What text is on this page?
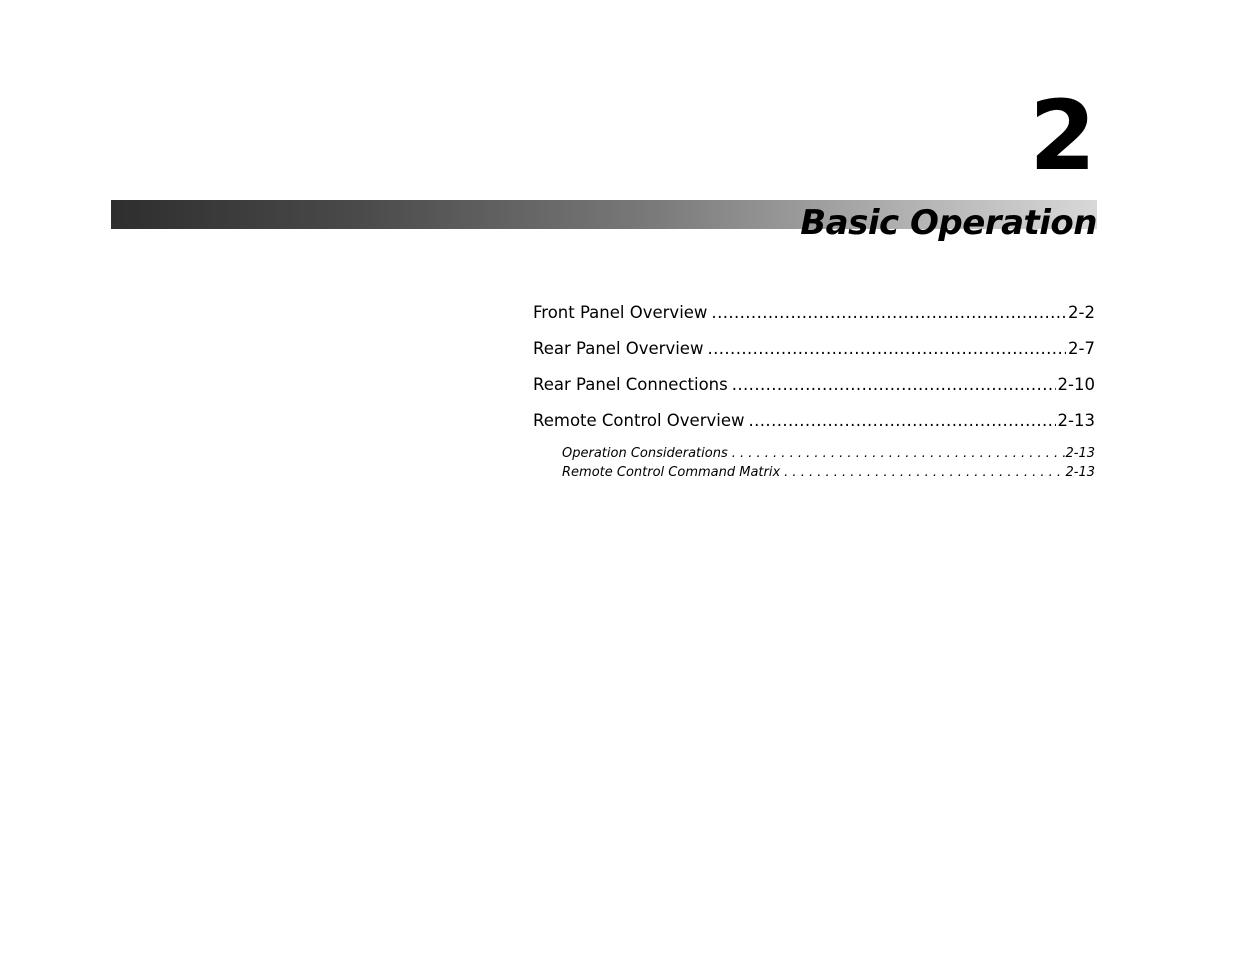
2
Basic Operation
Front Panel Overview .....	2-2
Rear Panel Overview .....	2-7
Rear Panel Connections .....	2-10
Remote Control Overview .....	2-13
Operation Considerations . . .	2-13
Remote Control Command Matrix . . .	2-13
